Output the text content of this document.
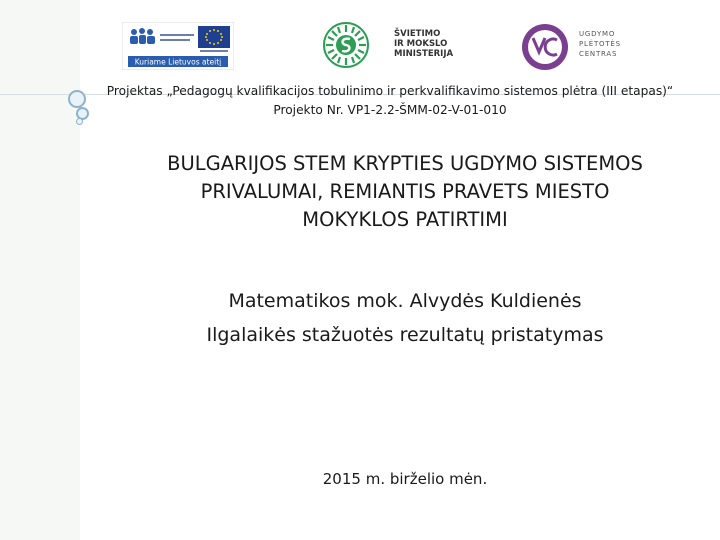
Kuriame Lietuvos ateitį
ŠVIETIMO
IR MOKSLO
MINISTERIJA
UGDYMO
PLĖTOTĖS
CENTRAS
Projektas „Pedagogų kvalifikacijos tobulinimo ir perkvalifikavimo sistemos plėtra (III etapas)“
Projekto Nr. VP1-2.2-ŠMM-02-V-01-010
BULGARIJOS STEM KRYPTIES UGDYMO SISTEMOS
PRIVALUMAI, REMIANTIS PRAVETS MIESTO
MOKYKLOS PATIRTIMI
Matematikos mok. Alvydės Kuldienės
Ilgalaikės stažuotės rezultatų pristatymas
2015 m. birželio mėn.
